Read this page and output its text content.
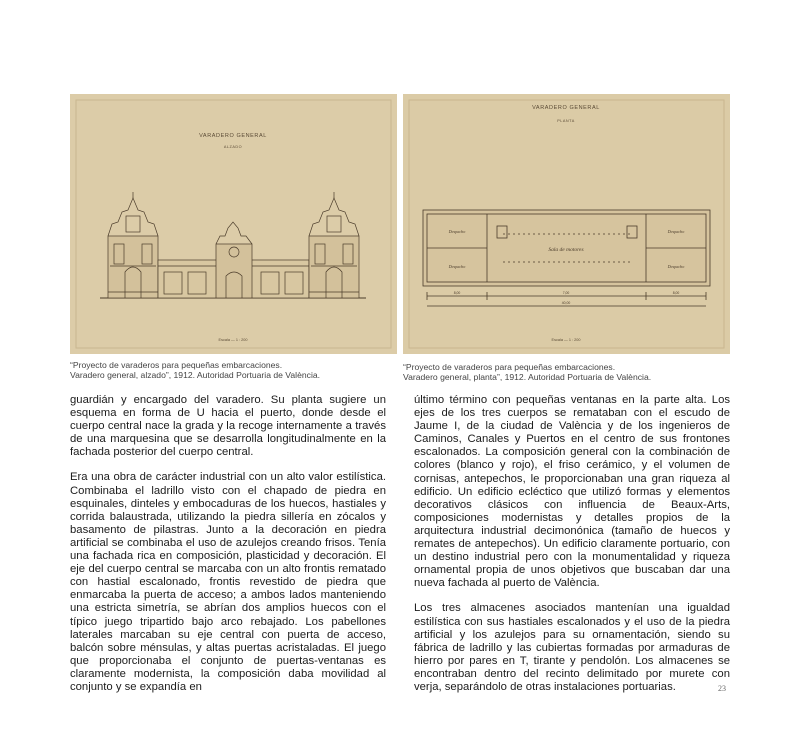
VARADERO GENERAL
ALZADO
Escala — 1 : 200
VARADERO GENERAL
PLANTA
Despacho	Despacho
Despacho	Despacho
Sala de motores
8,00	7,00	8,00
40,00
Escala — 1 : 200
“Proyecto de varaderos para pequeñas embarcaciones.
Varadero general, alzado”, 1912. Autoridad Portuaria de València.
“Proyecto de varaderos para pequeñas embarcaciones.
Varadero general, planta”, 1912. Autoridad Portuaria de València.

guardián y encargado del varadero. Su planta sugiere un esquema en forma de U hacia el puerto, donde desde el cuerpo central nace la grada y la recoge internamente a través de una marquesina que se desarrolla longitudinalmente en la fachada posterior del cuerpo central.

Era una obra de carácter industrial con un alto valor estilística. Combinaba el ladrillo visto con el chapado de piedra en esquinales, dinteles y embocaduras de los huecos, hastiales y corrida balaustrada, utilizando la piedra sillería en zócalos y basamento de pilastras. Junto a la decoración en piedra artificial se combinaba el uso de azulejos creando frisos. Tenía una fachada rica en composición, plasticidad y decoración. El eje del cuerpo central se marcaba con un alto frontis rematado con hastial escalonado, frontis revestido de piedra que enmarcaba la puerta de acceso; a ambos lados manteniendo una estricta simetría, se abrían dos amplios huecos con el típico juego tripartido bajo arco rebajado. Los pabellones laterales marcaban su eje central con puerta de acceso, balcón sobre ménsulas, y altas puertas acristaladas. El juego que proporcionaba el conjunto de puertas-ventanas es claramente modernista, la composición daba movilidad al conjunto y se expandía en

último término con pequeñas ventanas en la parte alta. Los ejes de los tres cuerpos se remataban con el escudo de Jaume I, de la ciudad de València y de los ingenieros de Caminos, Canales y Puertos en el centro de sus frontones escalonados. La composición general con la combinación de colores (blanco y rojo), el friso cerámico, y el volumen de cornisas, antepechos, le proporcionaban una gran riqueza al edificio. Un edificio ecléctico que utilizó formas y elementos decorativos clásicos con influencia de Beaux-Arts, composiciones modernistas y detalles propios de la arquitectura industrial decimonónica (tamaño de huecos y remates de antepechos). Un edificio claramente portuario, con un destino industrial pero con la monumentalidad y riqueza ornamental propia de unos objetivos que buscaban dar una nueva fachada al puerto de València.

Los tres almacenes asociados mantenían una igualdad estilística con sus hastiales escalonados y el uso de la piedra artificial y los azulejos para su ornamentación, siendo su fábrica de ladrillo y las cubiertas formadas por armaduras de hierro por pares en T, tirante y pendolón. Los almacenes se encontraban dentro del recinto delimitado por murete con verja, separándolo de otras instalaciones portuarias.	23
